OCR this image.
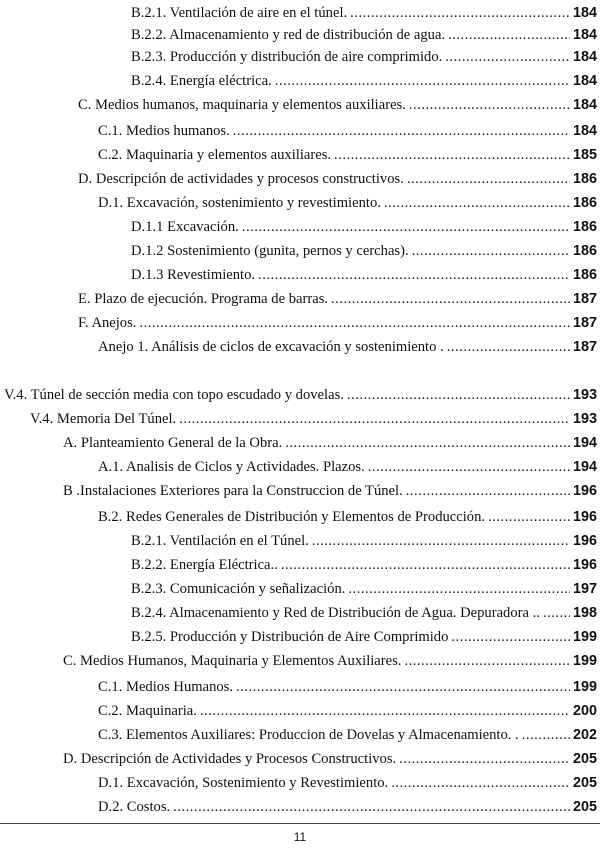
B.2.1. Ventilación de aire en el túnel. .....	184
B.2.2. Almacenamiento y red de distribución de agua. .....	184
B.2.3. Producción y distribución de aire comprimido. .....	184
B.2.4. Energía eléctrica. .....	184
C. Medios humanos, maquinaria y elementos auxiliares. .....	184
C.1. Medios humanos. .....	184
C.2. Maquinaria y elementos auxiliares. .....	185
D. Descripción de actividades y procesos constructivos. .....	186
D.1. Excavación, sostenimiento y revestimiento. .....	186
D.1.1 Excavación. .....	186
D.1.2 Sostenimiento (gunita, pernos y cerchas). .....	186
D.1.3 Revestimiento. .....	186
E. Plazo de ejecución. Programa de barras. .....	187
F. Anejos. .....	187
Anejo 1. Análisis de ciclos de excavación y sostenimiento . .....	187
V.4. Túnel de sección media con topo escudado y dovelas. .....	193
V.4. Memoria Del Túnel. .....	193
A. Planteamiento General de la Obra. .....	194
A.1. Analisis de Ciclos y Actividades. Plazos. .....	194
B .Instalaciones Exteriores para la Construccion de Túnel. .....	196
B.2. Redes Generales de Distribución y Elementos de Producción. .....	196
B.2.1. Ventilación en el Túnel. .....	196
B.2.2. Energía Eléctrica.. .....	196
B.2.3. Comunicación y señalización. .....	197
B.2.4. Almacenamiento y Red de Distribución de Agua. Depuradora .. ..... 198
B.2.5. Producción y Distribución de Aire Comprimido .....	199
C. Medios Humanos, Maquinaria y Elementos Auxiliares. .....	199
C.1. Medios Humanos. .....	199
C.2. Maquinaria. .....	200
C.3. Elementos Auxiliares: Produccion de Dovelas y Almacenamiento. . .....	202
D. Descripción de Actividades y Procesos Constructivos. .....	205
D.1. Excavación, Sostenimiento y Revestimiento. .....	205
D.2. Costos. .....	205
11
